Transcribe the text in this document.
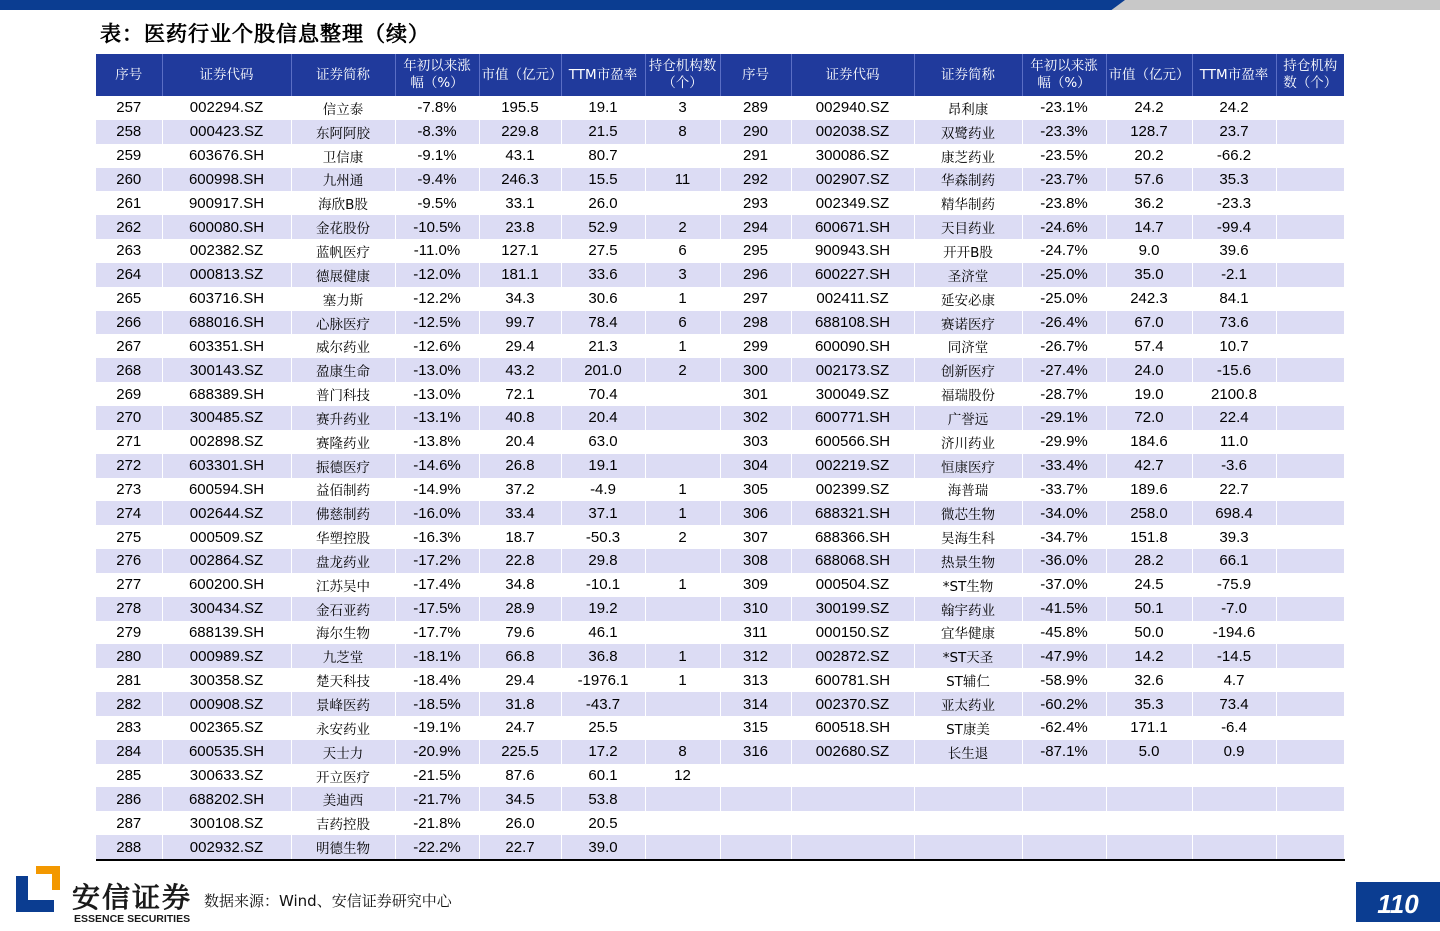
表：医药行业个股信息整理（续）
序号	证券代码	证券简称	年初以来涨幅（%）	市值（亿元）	TTM市盈率	持仓机构数（个）	序号	证券代码	证券简称	年初以来涨幅（%）	市值（亿元）	TTM市盈率	持仓机构数（个）
257	002294.SZ	信立泰	-7.8%	195.5	19.1	3	289	002940.SZ	昂利康	-23.1%	24.2	24.2	
258	000423.SZ	东阿阿胶	-8.3%	229.8	21.5	8	290	002038.SZ	双鹭药业	-23.3%	128.7	23.7	
259	603676.SH	卫信康	-9.1%	43.1	80.7		291	300086.SZ	康芝药业	-23.5%	20.2	-66.2	
260	600998.SH	九州通	-9.4%	246.3	15.5	11	292	002907.SZ	华森制药	-23.7%	57.6	35.3	
261	900917.SH	海欣B股	-9.5%	33.1	26.0		293	002349.SZ	精华制药	-23.8%	36.2	-23.3	
262	600080.SH	金花股份	-10.5%	23.8	52.9	2	294	600671.SH	天目药业	-24.6%	14.7	-99.4	
263	002382.SZ	蓝帆医疗	-11.0%	127.1	27.5	6	295	900943.SH	开开B股	-24.7%	9.0	39.6	
264	000813.SZ	德展健康	-12.0%	181.1	33.6	3	296	600227.SH	圣济堂	-25.0%	35.0	-2.1	
265	603716.SH	塞力斯	-12.2%	34.3	30.6	1	297	002411.SZ	延安必康	-25.0%	242.3	84.1	
266	688016.SH	心脉医疗	-12.5%	99.7	78.4	6	298	688108.SH	赛诺医疗	-26.4%	67.0	73.6	
267	603351.SH	威尔药业	-12.6%	29.4	21.3	1	299	600090.SH	同济堂	-26.7%	57.4	10.7	
268	300143.SZ	盈康生命	-13.0%	43.2	201.0	2	300	002173.SZ	创新医疗	-27.4%	24.0	-15.6	
269	688389.SH	普门科技	-13.0%	72.1	70.4		301	300049.SZ	福瑞股份	-28.7%	19.0	2100.8	
270	300485.SZ	赛升药业	-13.1%	40.8	20.4		302	600771.SH	广誉远	-29.1%	72.0	22.4	
271	002898.SZ	赛隆药业	-13.8%	20.4	63.0		303	600566.SH	济川药业	-29.9%	184.6	11.0	
272	603301.SH	振德医疗	-14.6%	26.8	19.1		304	002219.SZ	恒康医疗	-33.4%	42.7	-3.6	
273	600594.SH	益佰制药	-14.9%	37.2	-4.9	1	305	002399.SZ	海普瑞	-33.7%	189.6	22.7	
274	002644.SZ	佛慈制药	-16.0%	33.4	37.1	1	306	688321.SH	微芯生物	-34.0%	258.0	698.4	
275	000509.SZ	华塑控股	-16.3%	18.7	-50.3	2	307	688366.SH	昊海生科	-34.7%	151.8	39.3	
276	002864.SZ	盘龙药业	-17.2%	22.8	29.8		308	688068.SH	热景生物	-36.0%	28.2	66.1	
277	600200.SH	江苏吴中	-17.4%	34.8	-10.1	1	309	000504.SZ	*ST生物	-37.0%	24.5	-75.9	
278	300434.SZ	金石亚药	-17.5%	28.9	19.2		310	300199.SZ	翰宇药业	-41.5%	50.1	-7.0	
279	688139.SH	海尔生物	-17.7%	79.6	46.1		311	000150.SZ	宜华健康	-45.8%	50.0	-194.6	
280	000989.SZ	九芝堂	-18.1%	66.8	36.8	1	312	002872.SZ	*ST天圣	-47.9%	14.2	-14.5	
281	300358.SZ	楚天科技	-18.4%	29.4	-1976.1	1	313	600781.SH	ST辅仁	-58.9%	32.6	4.7	
282	000908.SZ	景峰医药	-18.5%	31.8	-43.7		314	002370.SZ	亚太药业	-60.2%	35.3	73.4	
283	002365.SZ	永安药业	-19.1%	24.7	25.5		315	600518.SH	ST康美	-62.4%	171.1	-6.4	
284	600535.SH	天士力	-20.9%	225.5	17.2	8	316	002680.SZ	长生退	-87.1%	5.0	0.9	
285	300633.SZ	开立医疗	-21.5%	87.6	60.1	12							
286	688202.SH	美迪西	-21.7%	34.5	53.8								
287	300108.SZ	吉药控股	-21.8%	26.0	20.5								
288	002932.SZ	明德生物	-22.2%	22.7	39.0								
安信证券
ESSENCE SECURITIES
数据来源：Wind、安信证券研究中心	110
